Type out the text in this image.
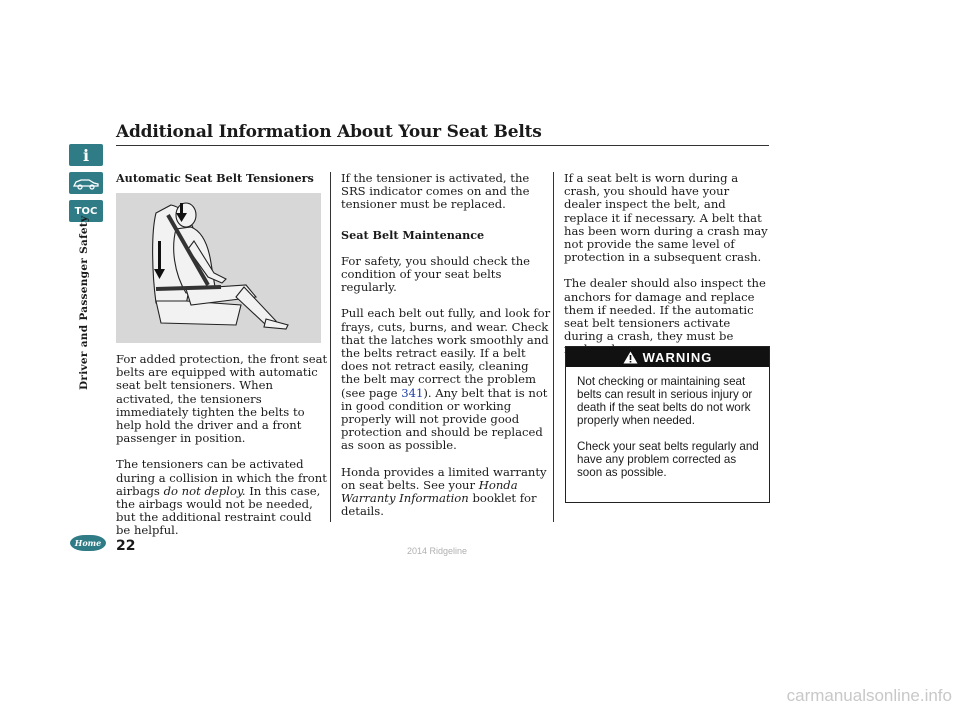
i
TOC
Driver and Passenger Safety
Additional Information About Your Seat Belts

Automatic Seat Belt Tensioners

For added protection, the front seat belts are equipped with automatic seat belt tensioners. When activated, the tensioners immediately tighten the belts to help hold the driver and a front passenger in position.

The tensioners can be activated during a collision in which the front airbags do not deploy. In this case, the airbags would not be needed, but the additional restraint could be helpful.

If the tensioner is activated, the SRS indicator comes on and the tensioner must be replaced.

Seat Belt Maintenance

For safety, you should check the condition of your seat belts regularly.

Pull each belt out fully, and look for frays, cuts, burns, and wear. Check that the latches work smoothly and the belts retract easily. If a belt does not retract easily, cleaning the belt may correct the problem (see page 341). Any belt that is not in good condition or working properly will not provide good protection and should be replaced as soon as possible.

Honda provides a limited warranty on seat belts. See your Honda Warranty Information booklet for details.

If a seat belt is worn during a crash, you should have your dealer inspect the belt, and replace it if necessary. A belt that has been worn during a crash may not provide the same level of protection in a subsequent crash.

The dealer should also inspect the anchors for damage and replace them if needed. If the automatic seat belt tensioners activate during a crash, they must be

WARNING

Not checking or maintaining seat belts can result in serious injury or death if the seat belts do not work properly when needed.

Check your seat belts regularly and have any problem corrected as soon as possible.

Home 22	2014 Ridgeline
carmanualsonline.info
